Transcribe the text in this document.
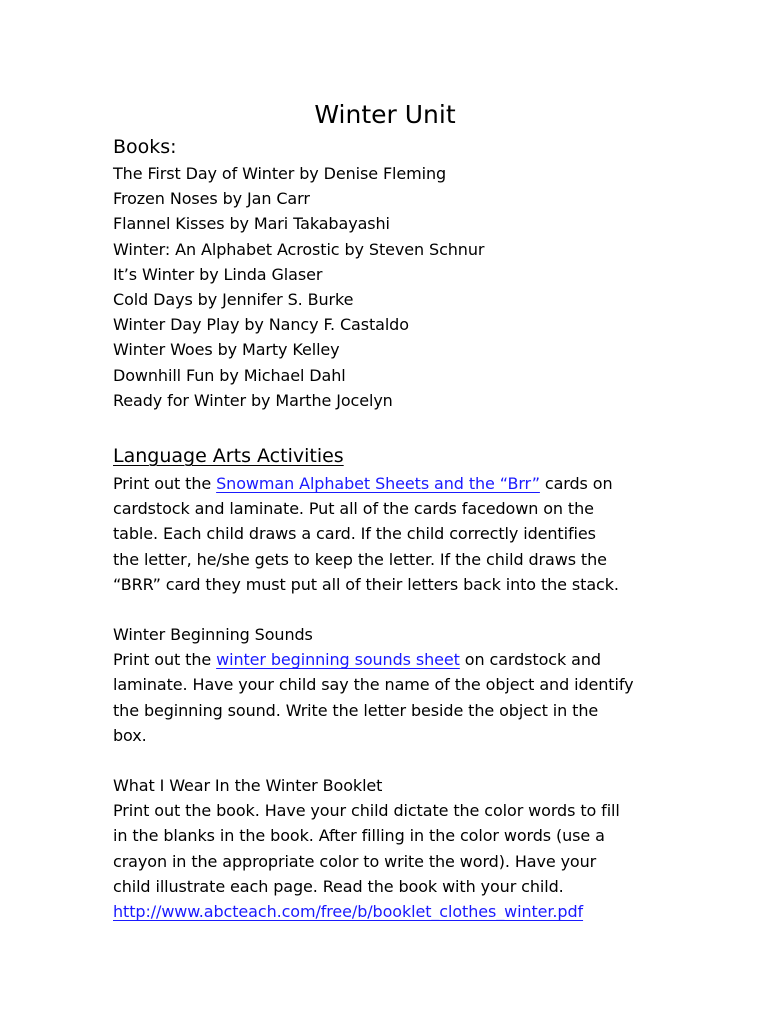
Winter Unit
Books:
The First Day of Winter by Denise Fleming
Frozen Noses by Jan Carr
Flannel Kisses by Mari Takabayashi
Winter: An Alphabet Acrostic by Steven Schnur
It’s Winter by Linda Glaser
Cold Days by Jennifer S. Burke
Winter Day Play by Nancy F. Castaldo
Winter Woes by Marty Kelley
Downhill Fun by Michael Dahl
Ready for Winter by Marthe Jocelyn
Language Arts Activities
Print out the Snowman Alphabet Sheets and the “Brr” cards on
cardstock and laminate. Put all of the cards facedown on the
table. Each child draws a card. If the child correctly identifies
the letter, he/she gets to keep the letter. If the child draws the
“BRR” card they must put all of their letters back into the stack.
Winter Beginning Sounds
Print out the winter beginning sounds sheet on cardstock and
laminate. Have your child say the name of the object and identify
the beginning sound. Write the letter beside the object in the
box.
What I Wear In the Winter Booklet
Print out the book. Have your child dictate the color words to fill
in the blanks in the book. After filling in the color words (use a
crayon in the appropriate color to write the word). Have your
child illustrate each page. Read the book with your child.
http://www.abcteach.com/free/b/booklet_clothes_winter.pdf
